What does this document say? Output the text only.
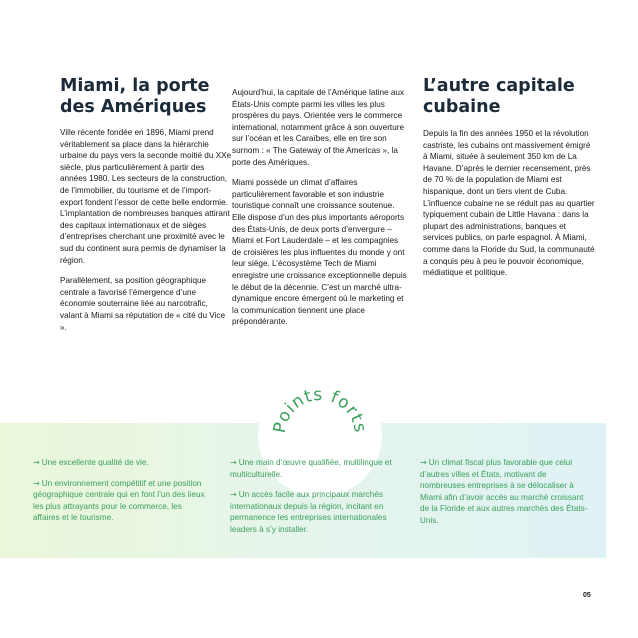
Miami, la porte
des Amériques

Ville récente fondée en 1896, Miami prend véritablement sa place dans la hiérarchie urbaine du pays vers la seconde moitié du XXe siècle, plus particulièrement à partir des années 1980. Les secteurs de la construction, de l’immobilier, du tourisme et de l’import-export fondent l’essor de cette belle endormie. L’implantation de nombreuses banques attirant des capitaux internationaux et de sièges d’entreprises cherchant une proximité avec le sud du continent aura permis de dynamiser la région.

Parallèlement, sa position géographique centrale a favorisé l’émergence d’une économie souterraine liée au narcotrafic, valant à Miami sa réputation de « cité du Vice ».

Aujourd’hui, la capitale de l’Amérique latine aux États-Unis compte parmi les villes les plus prospères du pays. Orientée vers le commerce international, notamment grâce à son ouverture sur l’océan et les Caraïbes, elle en tire son surnom : « The Gateway of the Americas », la porte des Amériques.

Miami possède un climat d’affaires particulièrement favorable et son industrie touristique connaît une croissance soutenue. Elle dispose d’un des plus importants aéroports des États-Unis, de deux ports d’envergure – Miami et Fort Lauderdale – et les compagnies de croisières les plus influentes du monde y ont leur siège. L’écosystème Tech de Miami enregistre une croissance exceptionnelle depuis le début de la décennie. C’est un marché ultra-dynamique encore émergent où le marketing et la communication tiennent une place prépondérante.

L’autre capitale
cubaine

Depuis la fin des années 1950 et la révolution castriste, les cubains ont massivement émigré à Miami, située à seulement 350 km de La Havane. D’après le dernier recensement, près de 70 % de la population de Miami est hispanique, dont un tiers vient de Cuba. L’influence cubaine ne se réduit pas au quartier typiquement cubain de Little Havana : dans la plupart des administrations, banques et services publics, on parle espagnol. À Miami, comme dans la Floride du Sud, la communauté a conquis peu à peu le pouvoir économique, médiatique et politique.

Points forts
→ Une excellente qualité de vie.
→ Un environnement compétitif et une position géographique centrale qui en font l’un des lieux les plus attrayants pour le commerce, les affaires et le tourisme.
→ Une main d’œuvre qualifiée, multilingue et multiculturelle.
→ Un accès facile aux principaux marchés internationaux depuis la région, incitant en permanence les entreprises internationales leaders à s’y installer.
→ Un climat fiscal plus favorable que celui d’autres villes et États, motivant de nombreuses entreprises à se délocaliser à Miami afin d’avoir accès au marché croissant de la Floride et aux autres marchés des États-Unis.
05
